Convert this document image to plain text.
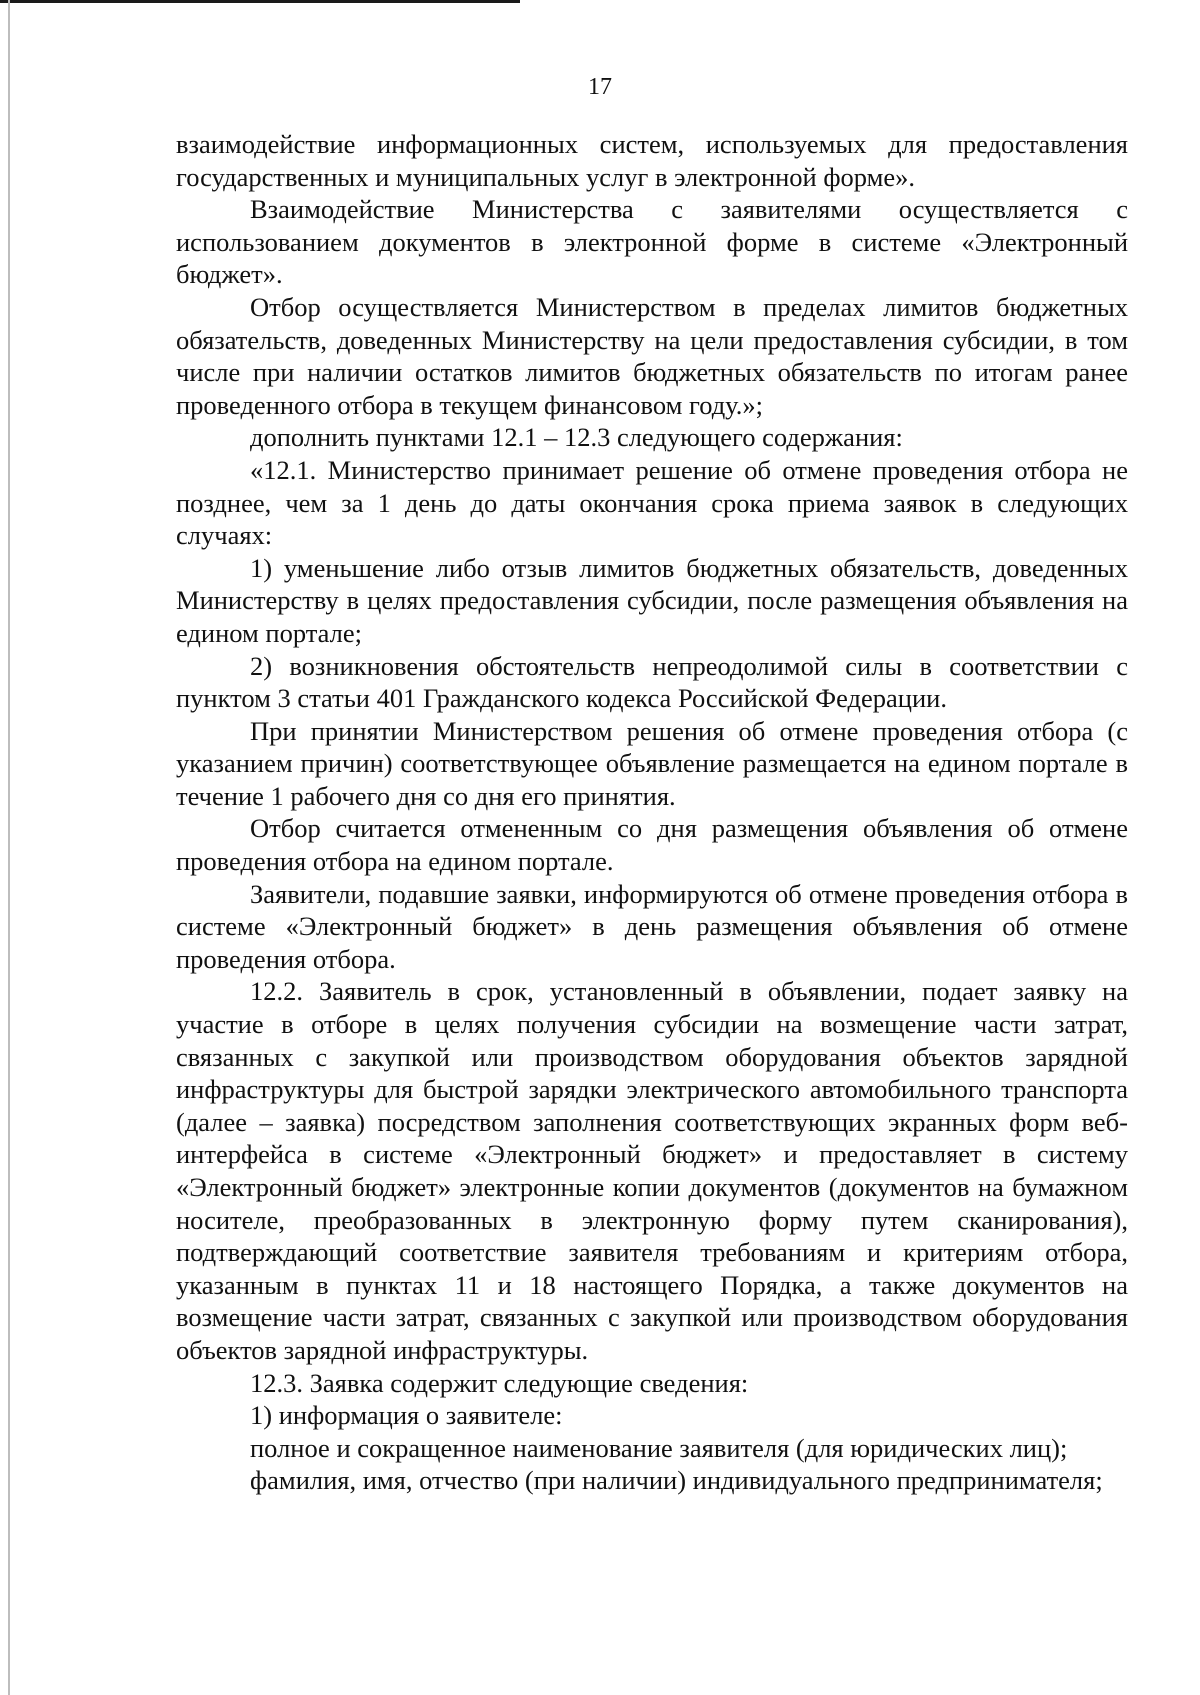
17

взаимодействие информационных систем, используемых для предоставления государственных и муниципальных услуг в электронной форме».

Взаимодействие Министерства с заявителями осуществляется с использованием документов в электронной форме в системе «Электронный бюджет».

Отбор осуществляется Министерством в пределах лимитов бюджетных обязательств, доведенных Министерству на цели предоставления субсидии, в том числе при наличии остатков лимитов бюджетных обязательств по итогам ранее проведенного отбора в текущем финансовом году.»;

дополнить пунктами 12.1 – 12.3 следующего содержания:

«12.1. Министерство принимает решение об отмене проведения отбора не позднее, чем за 1 день до даты окончания срока приема заявок в следующих случаях:

1) уменьшение либо отзыв лимитов бюджетных обязательств, доведенных Министерству в целях предоставления субсидии, после размещения объявления на едином портале;

2) возникновения обстоятельств непреодолимой силы в соответствии с пунктом 3 статьи 401 Гражданского кодекса Российской Федерации.

При принятии Министерством решения об отмене проведения отбора (с указанием причин) соответствующее объявление размещается на едином портале в течение 1 рабочего дня со дня его принятия.

Отбор считается отмененным со дня размещения объявления об отмене проведения отбора на едином портале.

Заявители, подавшие заявки, информируются об отмене проведения отбора в системе «Электронный бюджет» в день размещения объявления об отмене проведения отбора.

12.2. Заявитель в срок, установленный в объявлении, подает заявку на участие в отборе в целях получения субсидии на возмещение части затрат, связанных с закупкой или производством оборудования объектов зарядной инфраструктуры для быстрой зарядки электрического автомобильного транспорта (далее – заявка) посредством заполнения соответствующих экранных форм веб-интерфейса в системе «Электронный бюджет» и предоставляет в систему «Электронный бюджет» электронные копии документов (документов на бумажном носителе, преобразованных в электронную форму путем сканирования), подтверждающий соответствие заявителя требованиям и критериям отбора, указанным в пунктах 11 и 18 настоящего Порядка, а также документов на возмещение части затрат, связанных с закупкой или производством оборудования объектов зарядной инфраструктуры.

12.3. Заявка содержит следующие сведения:

1) информация о заявителе:

полное и сокращенное наименование заявителя (для юридических лиц);

фамилия, имя, отчество (при наличии) индивидуального предпринимателя;
